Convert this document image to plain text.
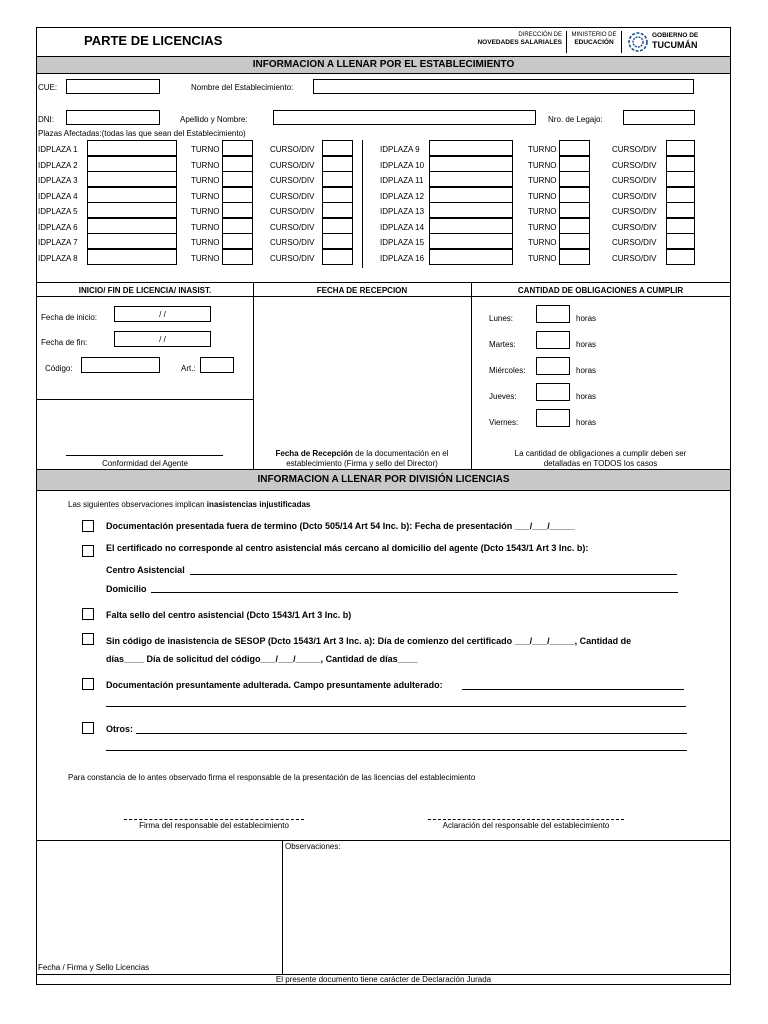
PARTE DE LICENCIAS	DIRECCIÓN DE
NOVEDADES SALARIALES
MINISTERIO DE
EDUCACIÓN
GOBIERNO DE
TUCUMÁN
INFORMACION A LLENAR POR EL ESTABLECIMIENTO
CUE:	Nombre del Establecimiento:
DNI:	Apellido y Nombre:	Nro. de Legajo:
Plazas Afectadas:(todas las que sean del Establecimiento)
IDPLAZA 1	TURNO	CURSO/DIV	IDPLAZA 9	TURNO	CURSO/DIV
IDPLAZA 2	TURNO	CURSO/DIV	IDPLAZA 10	TURNO	CURSO/DIV
IDPLAZA 3	TURNO	CURSO/DIV	IDPLAZA 11	TURNO	CURSO/DIV
IDPLAZA 4	TURNO	CURSO/DIV	IDPLAZA 12	TURNO	CURSO/DIV
IDPLAZA 5	TURNO	CURSO/DIV	IDPLAZA 13	TURNO	CURSO/DIV
IDPLAZA 6	TURNO	CURSO/DIV	IDPLAZA 14	TURNO	CURSO/DIV
IDPLAZA 7	TURNO	CURSO/DIV	IDPLAZA 15	TURNO	CURSO/DIV
IDPLAZA 8	TURNO	CURSO/DIV	IDPLAZA 16	TURNO	CURSO/DIV
INICIO/ FIN DE LICENCIA/ INASIST.	FECHA DE RECEPCION	CANTIDAD DE OBLIGACIONES A CUMPLIR
Fecha de inicio:	/ /
Fecha de fin:	/ /
Código:	Art.:
Conformidad del Agente
Fecha de Recepción de la documentación en el
establecimiento (Firma y sello del Director)
Lunes:	horas
Martes:	horas
Miércoles:	horas
Jueves:	horas
Viernes:	horas
La cantidad de obligaciones a cumplir deben ser
detalladas en TODOS los casos
INFORMACION A LLENAR POR DIVISIÓN LICENCIAS
Las siguientes observaciones implican inasistencias injustificadas
Documentación presentada fuera de termino (Dcto 505/14 Art 54 Inc. b): Fecha de presentación ___/___/_____
El certificado no corresponde al centro asistencial más cercano al domicilio del agente (Dcto 1543/1 Art 3 Inc. b):
Centro Asistencial
Domicilio
Falta sello del centro asistencial (Dcto 1543/1 Art 3 Inc. b)
Sin código de inasistencia de SESOP (Dcto 1543/1 Art 3 Inc. a): Día de comienzo del certificado ___/___/_____, Cantidad de
días____ Día de solicitud del código___/___/_____, Cantidad de días____
Documentación presuntamente adulterada. Campo presuntamente adulterado:
Otros:
Para constancia de lo antes observado firma el responsable de la presentación de las licencias del establecimiento
Firma del responsable del establecimiento	Aclaración del responsable del establecimiento
Observaciones:
Fecha / Firma y Sello Licencias
El presente documento tiene carácter de Declaración Jurada
